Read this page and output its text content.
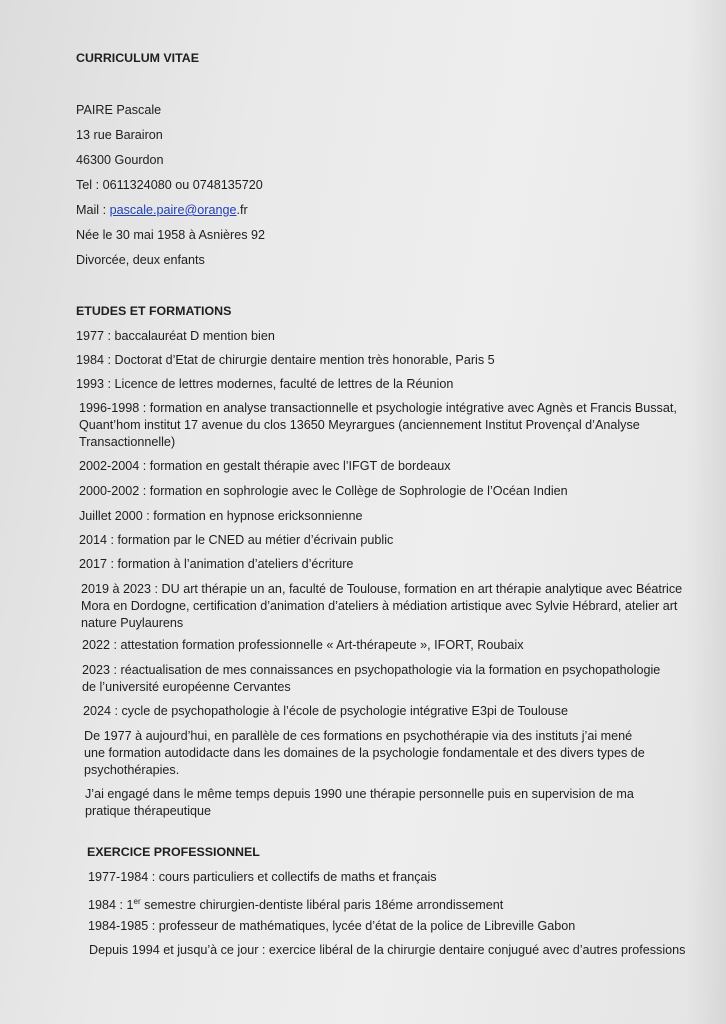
CURRICULUM VITAE
PAIRE Pascale
13 rue Barairon
46300 Gourdon
Tel : 0611324080 ou 0748135720
Mail : pascale.paire@orange.fr
Née le 30 mai 1958 à Asnières 92
Divorcée, deux enfants
ETUDES ET FORMATIONS
1977 : baccalauréat D mention bien
1984 : Doctorat d’Etat de chirurgie dentaire mention très honorable, Paris 5
1993 : Licence de lettres modernes, faculté de lettres de la Réunion
1996-1998 : formation en analyse transactionnelle et psychologie intégrative avec Agnès et Francis Bussat, Quant’hom institut 17 avenue du clos 13650 Meyrargues (anciennement Institut Provençal d’Analyse Transactionnelle)
2002-2004 : formation en gestalt thérapie avec l’IFGT de bordeaux
2000-2002 : formation en sophrologie avec le Collège de Sophrologie de l’Océan Indien
Juillet 2000 : formation en hypnose ericksonnienne
2014 : formation par le CNED au métier d’écrivain public
2017 : formation à l’animation d’ateliers d’écriture
2019 à 2023 : DU art thérapie un an, faculté de Toulouse, formation en art thérapie analytique avec Béatrice Mora en Dordogne, certification d’animation d’ateliers à médiation artistique avec Sylvie Hébrard, atelier art nature Puylaurens
2022 : attestation formation professionnelle « Art-thérapeute », IFORT, Roubaix
2023 : réactualisation de mes connaissances en psychopathologie via la formation en psychopathologie de l’université européenne Cervantes
2024 : cycle de psychopathologie à l’école de psychologie intégrative E3pi de Toulouse
De 1977 à aujourd’hui, en parallèle de ces formations en psychothérapie via des instituts j’ai mené une formation autodidacte dans les domaines de la psychologie fondamentale et des divers types de psychothérapies.
J’ai engagé dans le même temps depuis 1990 une thérapie personnelle puis en supervision de ma pratique thérapeutique
EXERCICE PROFESSIONNEL
1977-1984 : cours particuliers et collectifs de maths et français
1984 : 1er semestre chirurgien-dentiste libéral paris 18éme arrondissement
1984-1985 : professeur de mathématiques, lycée d’état de la police de Libreville Gabon
Depuis 1994 et jusqu’à ce jour : exercice libéral de la chirurgie dentaire conjugué avec d’autres professions
